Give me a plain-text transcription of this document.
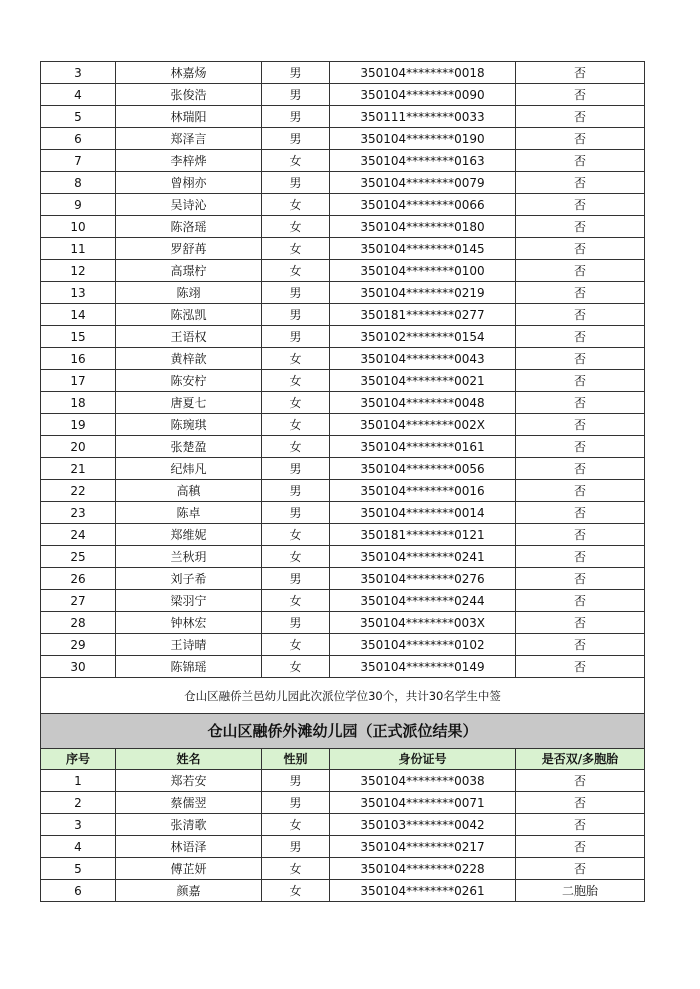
3	林嘉炀	男	350104********0018	否
4	张俊浩	男	350104********0090	否
5	林瑞阳	男	350111********0033	否
6	郑泽言	男	350104********0190	否
7	李梓烨	女	350104********0163	否
8	曾栩亦	男	350104********0079	否
9	吴诗沁	女	350104********0066	否
10	陈洛瑶	女	350104********0180	否
11	罗舒苒	女	350104********0145	否
12	高璟柠	女	350104********0100	否
13	陈翊	男	350104********0219	否
14	陈泓凯	男	350181********0277	否
15	王语权	男	350102********0154	否
16	黄梓歆	女	350104********0043	否
17	陈安柠	女	350104********0021	否
18	唐夏七	女	350104********0048	否
19	陈琬琪	女	350104********002X	否
20	张楚盈	女	350104********0161	否
21	纪炜凡	男	350104********0056	否
22	高稹	男	350104********0016	否
23	陈卓	男	350104********0014	否
24	郑维妮	女	350181********0121	否
25	兰秋玥	女	350104********0241	否
26	刘子希	男	350104********0276	否
27	梁羽宁	女	350104********0244	否
28	钟林宏	男	350104********003X	否
29	王诗晴	女	350104********0102	否
30	陈锦瑶	女	350104********0149	否
仓山区融侨兰邑幼儿园此次派位学位30个，共计30名学生中签				
仓山区融侨外滩幼儿园（正式派位结果）				
序号	姓名	性别	身份证号	是否双/多胞胎
1	郑若安	男	350104********0038	否
2	蔡儒翌	男	350104********0071	否
3	张清歌	女	350103********0042	否
4	林语泽	男	350104********0217	否
5	傅芷妍	女	350104********0228	否
6	颜嘉	女	350104********0261	二胞胎
